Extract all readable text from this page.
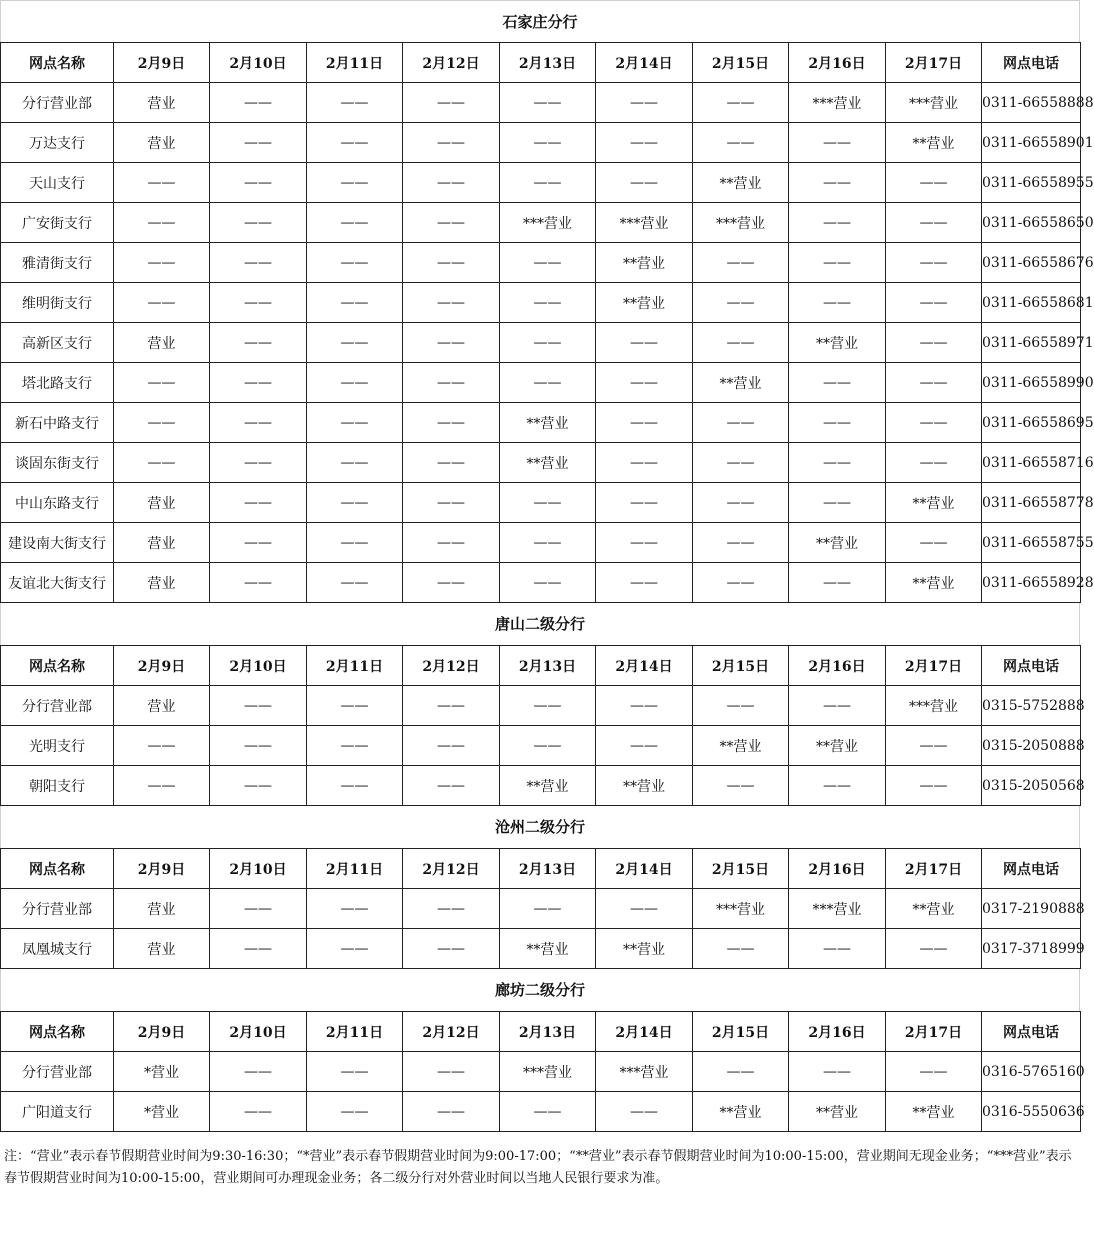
石家庄分行
网点名称	2月9日	2月10日	2月11日	2月12日	2月13日	2月14日	2月15日	2月16日	2月17日	网点电话
分行营业部	营业	——	——	——	——	——	——	***营业	***营业	0311-66558888
万达支行	营业	——	——	——	——	——	——	——	**营业	0311-66558901
天山支行	——	——	——	——	——	——	**营业	——	——	0311-66558955
广安街支行	——	——	——	——	***营业	***营业	***营业	——	——	0311-66558650
雅清街支行	——	——	——	——	——	**营业	——	——	——	0311-66558676
维明街支行	——	——	——	——	——	**营业	——	——	——	0311-66558681
高新区支行	营业	——	——	——	——	——	——	**营业	——	0311-66558971
塔北路支行	——	——	——	——	——	——	**营业	——	——	0311-66558990
新石中路支行	——	——	——	——	**营业	——	——	——	——	0311-66558695
谈固东街支行	——	——	——	——	**营业	——	——	——	——	0311-66558716
中山东路支行	营业	——	——	——	——	——	——	——	**营业	0311-66558778
建设南大街支行	营业	——	——	——	——	——	——	**营业	——	0311-66558755
友谊北大街支行	营业	——	——	——	——	——	——	——	**营业	0311-66558928
唐山二级分行
网点名称	2月9日	2月10日	2月11日	2月12日	2月13日	2月14日	2月15日	2月16日	2月17日	网点电话
分行营业部	营业	——	——	——	——	——	——	——	***营业	0315-5752888
光明支行	——	——	——	——	——	——	**营业	**营业	——	0315-2050888
朝阳支行	——	——	——	——	**营业	**营业	——	——	——	0315-2050568
沧州二级分行
网点名称	2月9日	2月10日	2月11日	2月12日	2月13日	2月14日	2月15日	2月16日	2月17日	网点电话
分行营业部	营业	——	——	——	——	——	***营业	***营业	**营业	0317-2190888
凤凰城支行	营业	——	——	——	**营业	**营业	——	——	——	0317-3718999
廊坊二级分行
网点名称	2月9日	2月10日	2月11日	2月12日	2月13日	2月14日	2月15日	2月16日	2月17日	网点电话
分行营业部	*营业	——	——	——	***营业	***营业	——	——	——	0316-5765160
广阳道支行	*营业	——	——	——	——	——	**营业	**营业	**营业	0316-5550636
注：“营业”表示春节假期营业时间为9:30-16:30；“*营业”表示春节假期营业时间为9:00-17:00；“**营业”表示春节假期营业时间为10:00-15:00，营业期间无现金业务；“***营业”表示春节假期营业时间为10:00-15:00，营业期间可办理现金业务；各二级分行对外营业时间以当地人民银行要求为准。
